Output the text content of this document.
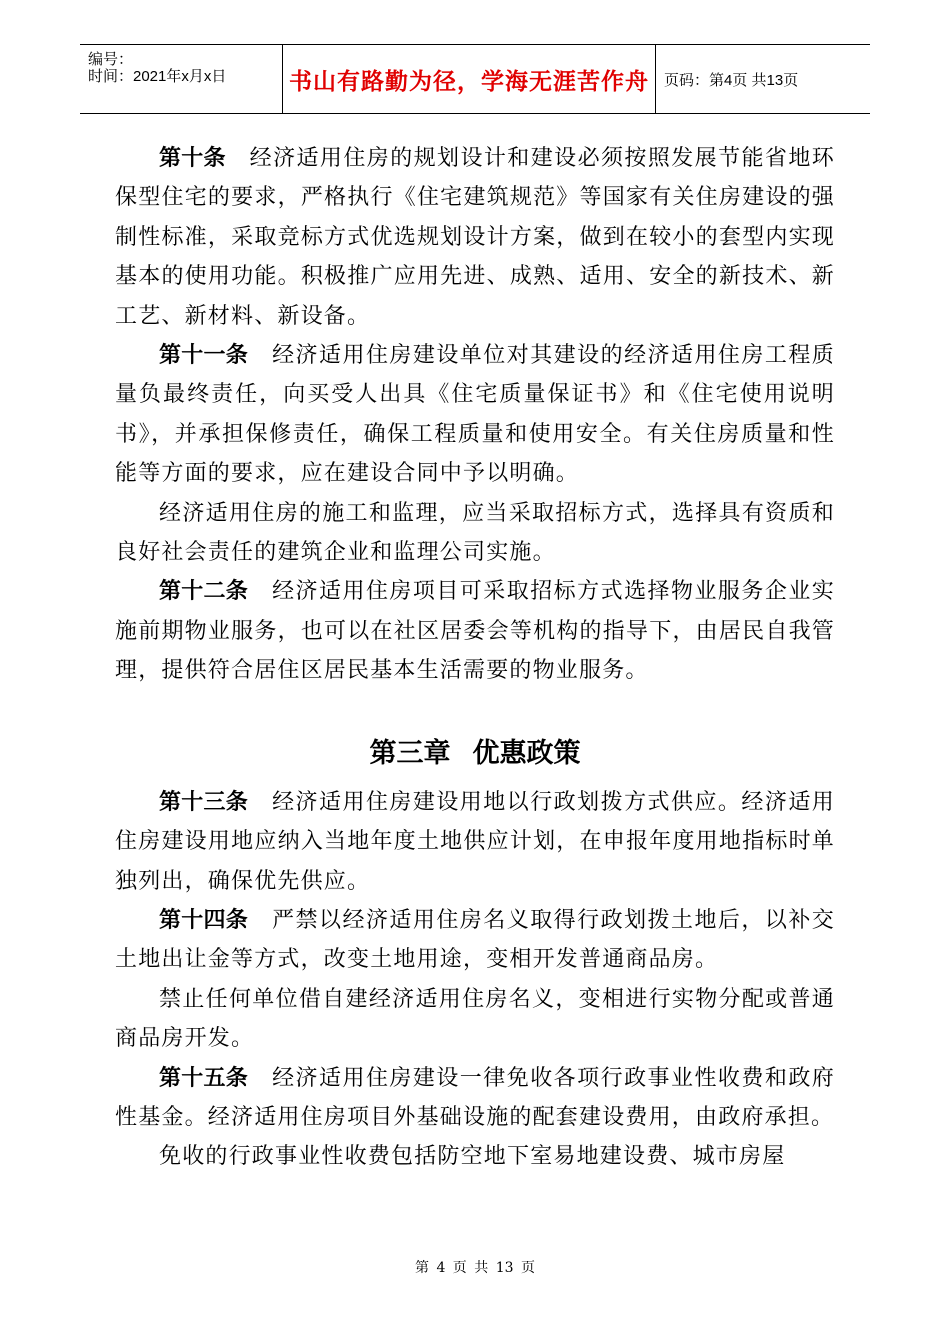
编号：
时间：2021年x月x日	书山有路勤为径，学海无涯苦作舟	页码：第4页 共13页

第十条 经济适用住房的规划设计和建设必须按照发展节能省地环保型住宅的要求，严格执行《住宅建筑规范》等国家有关住房建设的强制性标准，采取竞标方式优选规划设计方案，做到在较小的套型内实现基本的使用功能。积极推广应用先进、成熟、适用、安全的新技术、新工艺、新材料、新设备。

第十一条 经济适用住房建设单位对其建设的经济适用住房工程质量负最终责任，向买受人出具《住宅质量保证书》和《住宅使用说明书》，并承担保修责任，确保工程质量和使用安全。有关住房质量和性能等方面的要求，应在建设合同中予以明确。

经济适用住房的施工和监理，应当采取招标方式，选择具有资质和良好社会责任的建筑企业和监理公司实施。

第十二条 经济适用住房项目可采取招标方式选择物业服务企业实施前期物业服务，也可以在社区居委会等机构的指导下，由居民自我管理，提供符合居住区居民基本生活需要的物业服务。

第三章 优惠政策

第十三条 经济适用住房建设用地以行政划拨方式供应。经济适用住房建设用地应纳入当地年度土地供应计划，在申报年度用地指标时单独列出，确保优先供应。

第十四条 严禁以经济适用住房名义取得行政划拨土地后，以补交土地出让金等方式，改变土地用途，变相开发普通商品房。

禁止任何单位借自建经济适用住房名义，变相进行实物分配或普通商品房开发。

第十五条 经济适用住房建设一律免收各项行政事业性收费和政府性基金。经济适用住房项目外基础设施的配套建设费用，由政府承担。

免收的行政事业性收费包括防空地下室易地建设费、城市房屋

第 4 页 共 13 页
